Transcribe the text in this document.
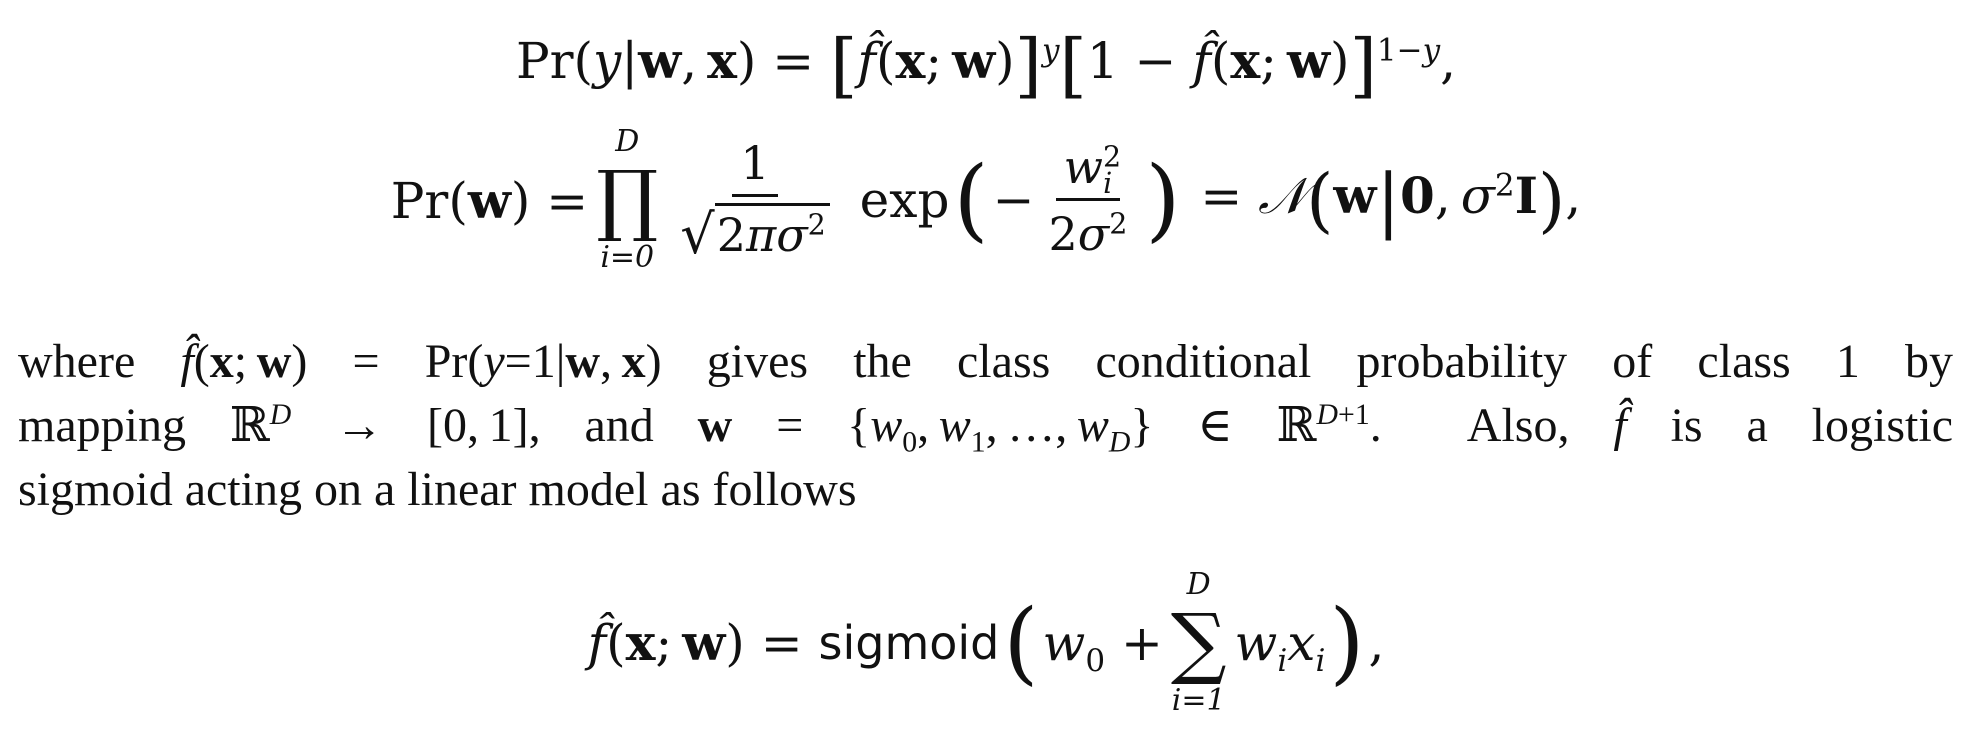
Pr(y|w, x) = [f̂(x; w)]$^y$[1 − f̂(x; w)]$^{1-y}$,
Pr(w) =
D
∏
$i=0 \frac{1}{√ 2\pi\sigma^2}$ exp ( − $\frac{w^2_i}{2\sigma^2}$ ) = 𝒩(w|0, $\sigma^2I$),
where f̂(x; w) = Pr(y=1|w, x) gives the class conditional probability of class 1 by
mapping ℝ$^D$ → [0, 1], and $w = \{w_0$, $w_1$, …, $w_D$} ∈ ℝ$^{D+1}$.  Also, f̂ is a logistic
sigmoid acting on a linear model as follows
f̂(x; w) = sigmoid ( $w_0$ +
D
∑
i=1
$w_ix_i$ ) ,
